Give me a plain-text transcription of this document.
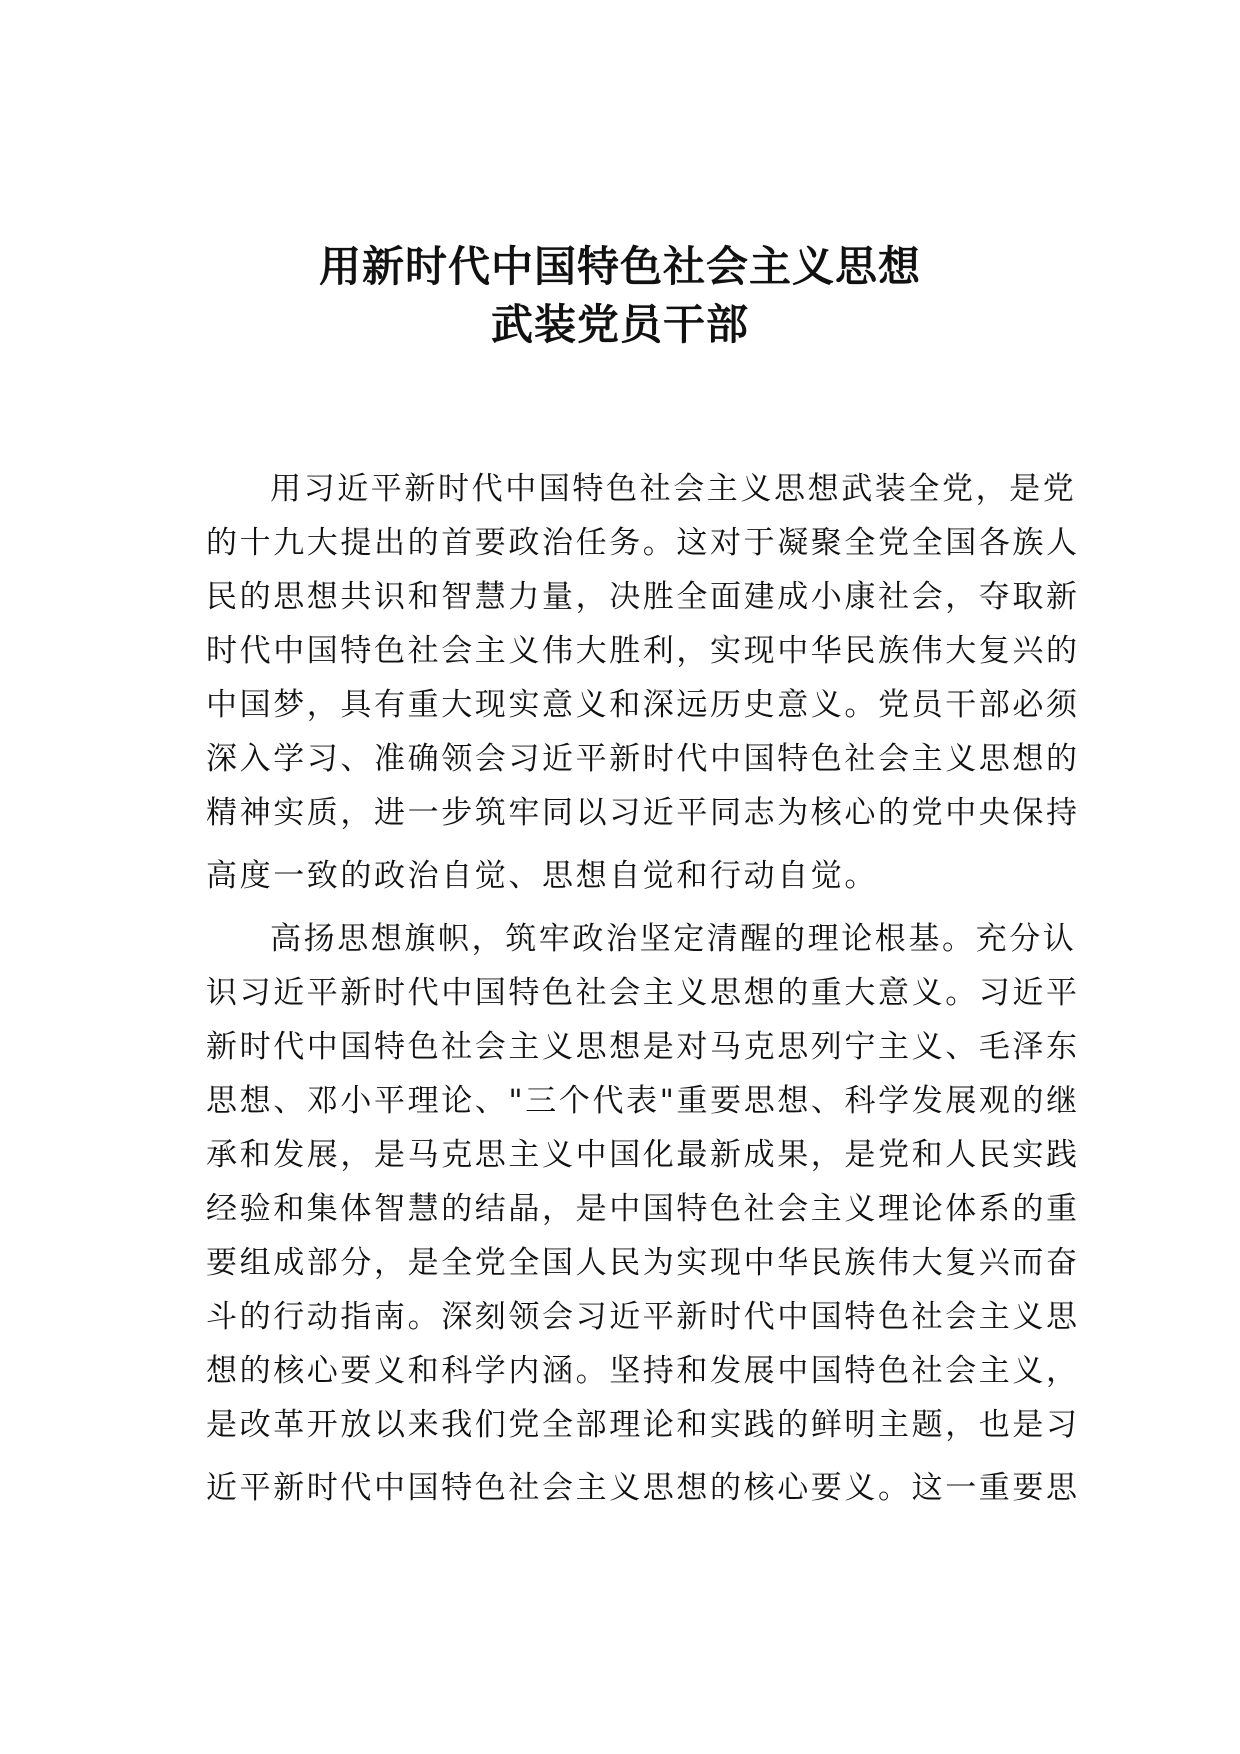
用新时代中国特色社会主义思想
武装党员干部
用习近平新时代中国特色社会主义思想武装全党，是党
的十九大提出的首要政治任务。这对于凝聚全党全国各族人
民的思想共识和智慧力量，决胜全面建成小康社会，夺取新
时代中国特色社会主义伟大胜利，实现中华民族伟大复兴的
中国梦，具有重大现实意义和深远历史意义。党员干部必须
深入学习、准确领会习近平新时代中国特色社会主义思想的
精神实质，进一步筑牢同以习近平同志为核心的党中央保持
高度一致的政治自觉、思想自觉和行动自觉。
高扬思想旗帜，筑牢政治坚定清醒的理论根基。充分认
识习近平新时代中国特色社会主义思想的重大意义。习近平
新时代中国特色社会主义思想是对马克思列宁主义、毛泽东
思想、邓小平理论、"三个代表"重要思想、科学发展观的继
承和发展，是马克思主义中国化最新成果，是党和人民实践
经验和集体智慧的结晶，是中国特色社会主义理论体系的重
要组成部分，是全党全国人民为实现中华民族伟大复兴而奋
斗的行动指南。深刻领会习近平新时代中国特色社会主义思
想的核心要义和科学内涵。坚持和发展中国特色社会主义，
是改革开放以来我们党全部理论和实践的鲜明主题，也是习
近平新时代中国特色社会主义思想的核心要义。这一重要思
